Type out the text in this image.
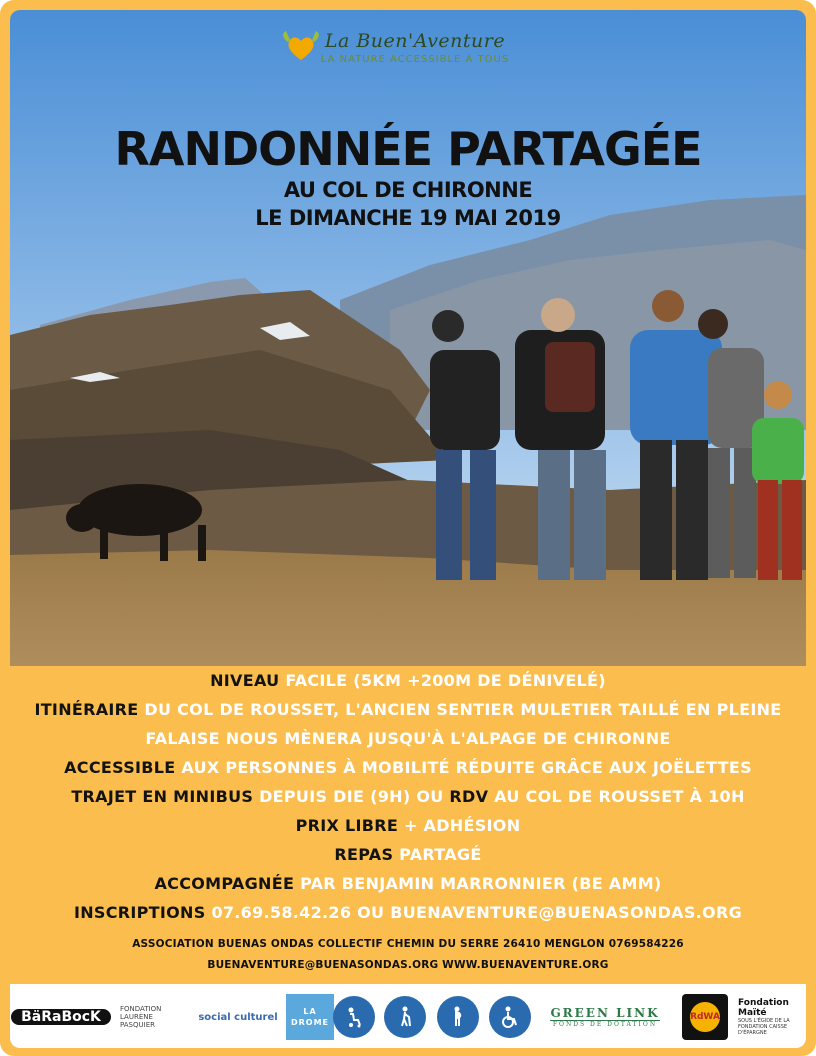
La Buen'Aventure
LA NATURE ACCESSIBLE À TOUS
RANDONNÉE PARTAGÉE
AU COL DE CHIRONNE
LE DIMANCHE 19 MAI 2019
NIVEAU FACILE (5KM +200M DE DÉNIVELÉ)
ITINÉRAIRE DU COL DE ROUSSET, L'ANCIEN SENTIER MULETIER TAILLÉ EN PLEINE
FALAISE NOUS MÈNERA JUSQU'À L'ALPAGE DE CHIRONNE
ACCESSIBLE AUX PERSONNES À MOBILITÉ RÉDUITE GRÂCE AUX JOËLETTES
TRAJET EN MINIBUS DEPUIS DIE (9H) OU RDV AU COL DE ROUSSET À 10H
PRIX LIBRE + ADHÉSION
REPAS PARTAGÉ
ACCOMPAGNÉE PAR BENJAMIN MARRONNIER (BE AMM)
INSCRIPTIONS 07.69.58.42.26 OU BUENAVENTURE@BUENASONDAS.ORG
ASSOCIATION BUENAS ONDAS COLLECTIF CHEMIN DU SERRE 26410 MENGLON 0769584226
BUENAVENTURE@BUENASONDAS.ORG WWW.BUENAVENTURE.ORG
BäRaBocK	FONDATION LAURÈNE PASQUIER
social culturel	LA DROME
GREEN LINK
FONDS DE DOTATION
RdWA
Fondation Maïté
SOUS L'ÉGIDE DE LA FONDATION CAISSE D'ÉPARGNE
